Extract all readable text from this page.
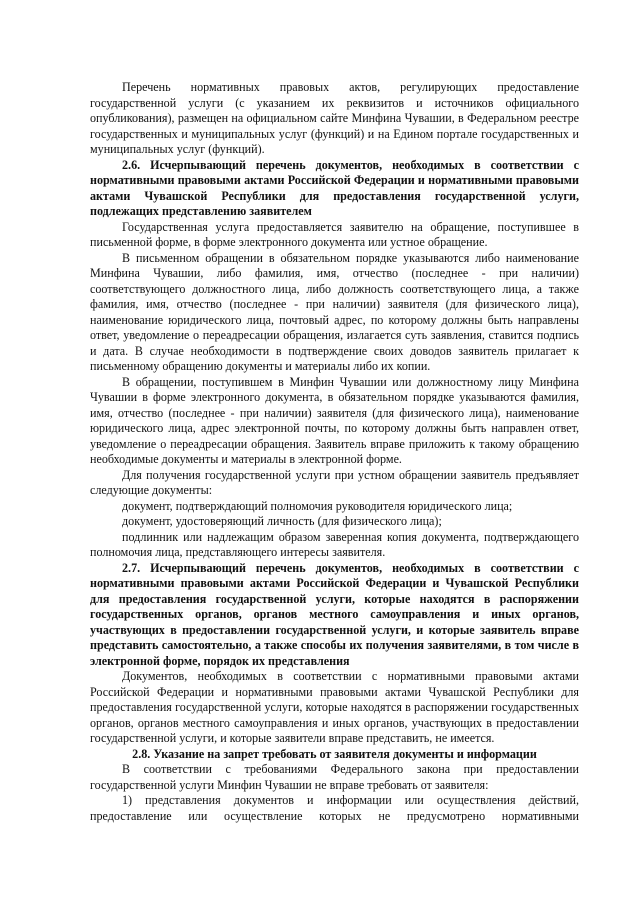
Перечень нормативных правовых актов, регулирующих предоставление государственной услуги (с указанием их реквизитов и источников официального опубликования), размещен на официальном сайте Минфина Чувашии, в Федеральном реестре государственных и муниципальных услуг (функций) и на Едином портале государственных и муниципальных услуг (функций).

2.6. Исчерпывающий перечень документов, необходимых в соответствии с нормативными правовыми актами Российской Федерации и нормативными правовыми актами Чувашской Республики для предоставления государственной услуги, подлежащих представлению заявителем

Государственная услуга предоставляется заявителю на обращение, поступившее в письменной форме, в форме электронного документа или устное обращение.

В письменном обращении в обязательном порядке указываются либо наименование Минфина Чувашии, либо фамилия, имя, отчество (последнее - при наличии) соответствующего должностного лица, либо должность соответствующего лица, а также фамилия, имя, отчество (последнее - при наличии) заявителя (для физического лица), наименование юридического лица, почтовый адрес, по которому должны быть направлены ответ, уведомление о переадресации обращения, излагается суть заявления, ставится подпись и дата. В случае необходимости в подтверждение своих доводов заявитель прилагает к письменному обращению документы и материалы либо их копии.

В обращении, поступившем в Минфин Чувашии или должностному лицу Минфина Чувашии в форме электронного документа, в обязательном порядке указываются фамилия, имя, отчество (последнее - при наличии) заявителя (для физического лица), наименование юридического лица, адрес электронной почты, по которому должны быть направлен ответ, уведомление о переадресации обращения. Заявитель вправе приложить к такому обращению необходимые документы и материалы в электронной форме.

Для получения государственной услуги при устном обращении заявитель предъявляет следующие документы:

документ, подтверждающий полномочия руководителя юридического лица;

документ, удостоверяющий личность (для физического лица);

подлинник или надлежащим образом заверенная копия документа, подтверждающего полномочия лица, представляющего интересы заявителя.

2.7. Исчерпывающий перечень документов, необходимых в соответствии с нормативными правовыми актами Российской Федерации и Чувашской Республики для предоставления государственной услуги, которые находятся в распоряжении государственных органов, органов местного самоуправления и иных органов, участвующих в предоставлении государственной услуги, и которые заявитель вправе представить самостоятельно, а также способы их получения заявителями, в том числе в электронной форме, порядок их представления

Документов, необходимых в соответствии с нормативными правовыми актами Российской Федерации и нормативными правовыми актами Чувашской Республики для предоставления государственной услуги, которые находятся в распоряжении государственных органов, органов местного самоуправления и иных органов, участвующих в предоставлении государственной услуги, и которые заявители вправе представить, не имеется.

2.8. Указание на запрет требовать от заявителя документы и информации

В соответствии с требованиями Федерального закона при предоставлении государственной услуги Минфин Чувашии не вправе требовать от заявителя:

1) представления документов и информации или осуществления действий, предоставление или осуществление которых не предусмотрено нормативными
